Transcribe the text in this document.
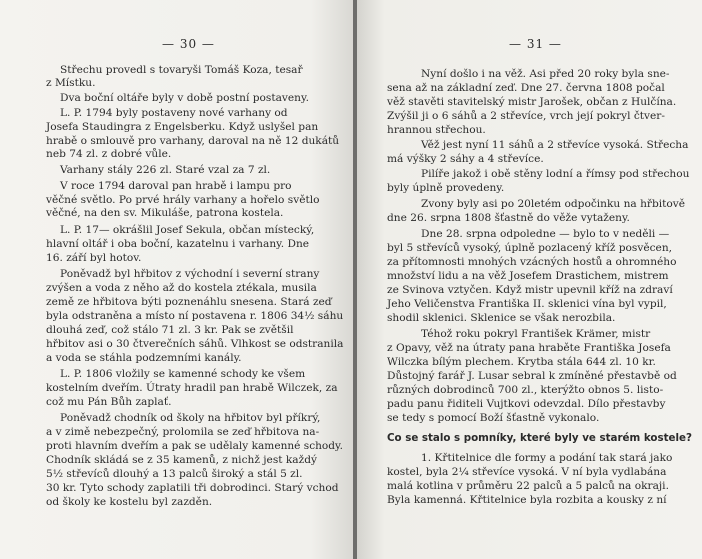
— 30 —
Střechu provedl s tovaryši Tomáš Koza, tesař
z Místku.
Dva boční oltáře byly v době postní postaveny.
L. P. 1794 byly postaveny nové varhany od
Josefa Staudingra z Engelsberku. Když uslyšel pan
hrabě o smlouvě pro varhany, daroval na ně 12 dukátů
neb 74 zl. z dobré vůle.
Varhany stály 226 zl. Staré vzal za 7 zl.
V roce 1794 daroval pan hrabě i lampu pro
věčné světlo. Po prvé hrály varhany a hořelo světlo
věčné, na den sv. Mikuláše, patrona kostela.
L. P. 17— okrášlil Josef Sekula, občan místecký,
hlavní oltář i oba boční, kazatelnu i varhany. Dne
16. září byl hotov.
Poněvadž byl hřbitov z východní i severní strany
zvýšen a voda z něho až do kostela ztékala, musila
země ze hřbitova býti poznenáhlu snesena. Stará zeď
byla odstraněna a místo ní postavena r. 1806 34½ sáhu
dlouhá zeď, což stálo 71 zl. 3 kr. Pak se zvětšil
hřbitov asi o 30 čtverečních sáhů. Vlhkost se odstranila
a voda se stáhla podzemními kanály.
L. P. 1806 vložily se kamenné schody ke všem
kostelním dveřím. Útraty hradil pan hrabě Wilczek, za
což mu Pán Bůh zaplať.
Poněvadž chodník od školy na hřbitov byl příkrý,
a v zimě nebezpečný, prolomila se zeď hřbitova na-
proti hlavním dveřím a pak se udělaly kamenné schody.
Chodník skládá se z 35 kamenů, z nichž jest každý
5½ střevíců dlouhý a 13 palců široký a stál 5 zl.
30 kr. Tyto schody zaplatili tři dobrodinci. Starý vchod
od školy ke kostelu byl zazděn.
— 31 —
Nyní došlo i na věž. Asi před 20 roky byla sne-
sena až na základní zeď. Dne 27. června 1808 počal
věž stavěti stavitelský mistr Jarošek, občan z Hulčína.
Zvýšil ji o 6 sáhů a 2 střevíce, vrch její pokryl čtver-
hrannou střechou.
Věž jest nyní 11 sáhů a 2 střevíce vysoká. Střecha
má výšky 2 sáhy a 4 střevíce.
Pilíře jakož i obě stěny lodní a římsy pod střechou
byly úplně provedeny.
Zvony byly asi po 20letém odpočinku na hřbitově
dne 26. srpna 1808 šťastně do věže vytaženy.
Dne 28. srpna odpoledne — bylo to v neděli —
byl 5 střevíců vysoký, úplně pozlacený kříž posvěcen,
za přítomnosti mnohých vzácných hostů a ohromného
množství lidu a na věž Josefem Drastichem, mistrem
ze Svinova vztyčen. Když mistr upevnil kříž na zdraví
Jeho Veličenstva Františka II. sklenici vína byl vypil,
shodil sklenici. Sklenice se však nerozbila.
Téhož roku pokryl František Krämer, mistr
z Opavy, věž na útraty pana hraběte Františka Josefa
Wilczka bílým plechem. Krytba stála 644 zl. 10 kr.
Důstojný farář J. Lusar sebral k zmíněné přestavbě od
různých dobrodinců 700 zl., kterýžto obnos 5. listo-
padu panu řiditeli Vujtkovi odevzdal. Dílo přestavby
se tedy s pomocí Boží šťastně vykonalo.
Co se stalo s pomníky, které byly ve starém kostele?
1. Křtitelnice dle formy a podání tak stará jako
kostel, byla 2¼ střevíce vysoká. V ní byla vydlabána
malá kotlina v průměru 22 palců a 5 palců na okraji.
Byla kamenná. Křtitelnice byla rozbita a kousky z ní
